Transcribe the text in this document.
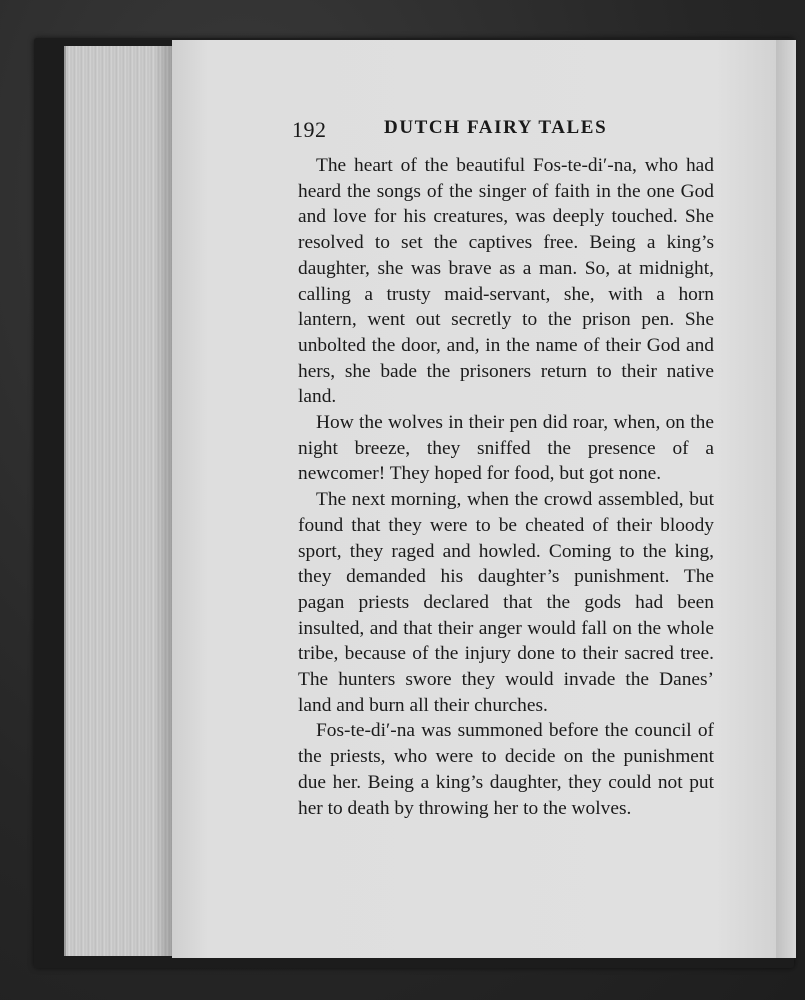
192	DUTCH FAIRY TALES

The heart of the beautiful Fos-te-di′-na, who had heard the songs of the singer of faith in the one God and love for his creatures, was deeply touched. She resolved to set the captives free. Being a king’s daughter, she was brave as a man. So, at midnight, calling a trusty maid-servant, she, with a horn lantern, went out secretly to the prison pen. She unbolted the door, and, in the name of their God and hers, she bade the prisoners return to their native land.

How the wolves in their pen did roar, when, on the night breeze, they sniffed the presence of a newcomer! They hoped for food, but got none.

The next morning, when the crowd assembled, but found that they were to be cheated of their bloody sport, they raged and howled. Coming to the king, they demanded his daughter’s punishment. The pagan priests declared that the gods had been insulted, and that their anger would fall on the whole tribe, because of the injury done to their sacred tree. The hunters swore they would invade the Danes’ land and burn all their churches.

Fos-te-di′-na was summoned before the council of the priests, who were to decide on the punishment due her. Being a king’s daughter, they could not put her to death by throwing her to the wolves.
